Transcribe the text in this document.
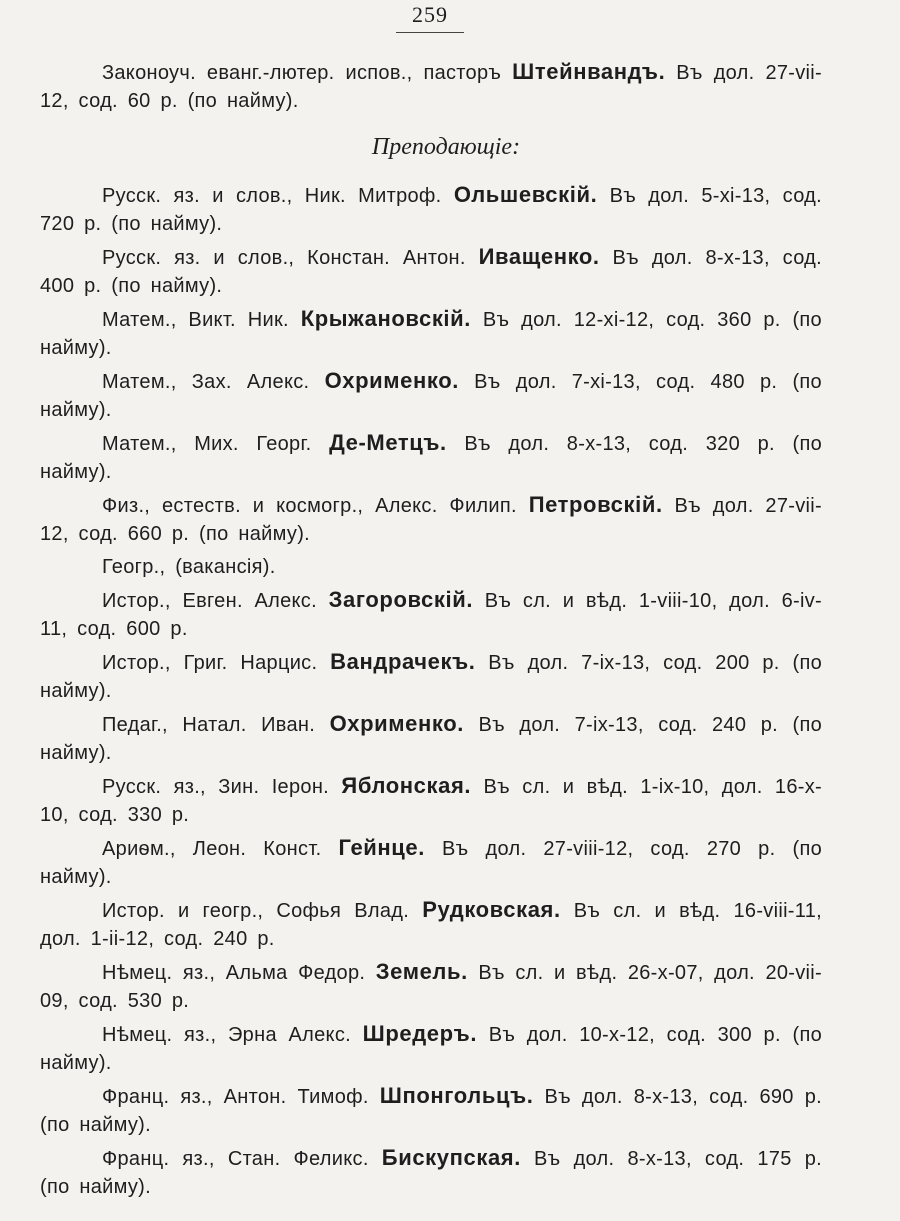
259

Законоуч. еванг.-лютер. испов., пасторъ Штейнвандъ. Въ дол. 27-vii-12, сод. 60 р. (по найму).

Преподающіе:

Русск. яз. и слов., Ник. Митроф. Ольшевскій. Въ дол. 5-xi-13, сод. 720 р. (по найму).

Русск. яз. и слов., Констан. Антон. Иващенко. Въ дол. 8-x-13, сод. 400 р. (по найму).

Матем., Викт. Ник. Крыжановскій. Въ дол. 12-xi-12, сод. 360 р. (по найму).

Матем., Зах. Алекс. Охрименко. Въ дол. 7-xi-13, сод. 480 р. (по найму).

Матем., Мих. Георг. Де-Метцъ. Въ дол. 8-x-13, сод. 320 р. (по найму).

Физ., естеств. и космогр., Алекс. Филип. Петровскій. Въ дол. 27-vii-12, сод. 660 р. (по найму).

Геогр., (вакансія).

Истор., Евген. Алекс. Загоровскій. Въ сл. и вѣд. 1-viii-10, дол. 6-iv-11, сод. 600 р.

Истор., Григ. Нарцис. Вандрачекъ. Въ дол. 7-ix-13, сод. 200 р. (по найму).

Педаг., Натал. Иван. Охрименко. Въ дол. 7-ix-13, сод. 240 р. (по найму).

Русск. яз., Зин. Іерон. Яблонская. Въ сл. и вѣд. 1-ix-10, дол. 16-x-10, сод. 330 р.

Ариѳм., Леон. Конст. Гейнце. Въ дол. 27-viii-12, сод. 270 р. (по найму).

Истор. и геогр., Софья Влад. Рудковская. Въ сл. и вѣд. 16-viii-11, дол. 1-ii-12, сод. 240 р.

Нѣмец. яз., Альма Федор. Земель. Въ сл. и вѣд. 26-x-07, дол. 20-vii-09, сод. 530 р.

Нѣмец. яз., Эрна Алекс. Шредеръ. Въ дол. 10-x-12, сод. 300 р. (по найму).

Франц. яз., Антон. Тимоф. Шпонгольцъ. Въ дол. 8-x-13, сод. 690 р. (по найму).

Франц. яз., Стан. Феликс. Бискупская. Въ дол. 8-x-13, сод. 175 р. (по найму).
